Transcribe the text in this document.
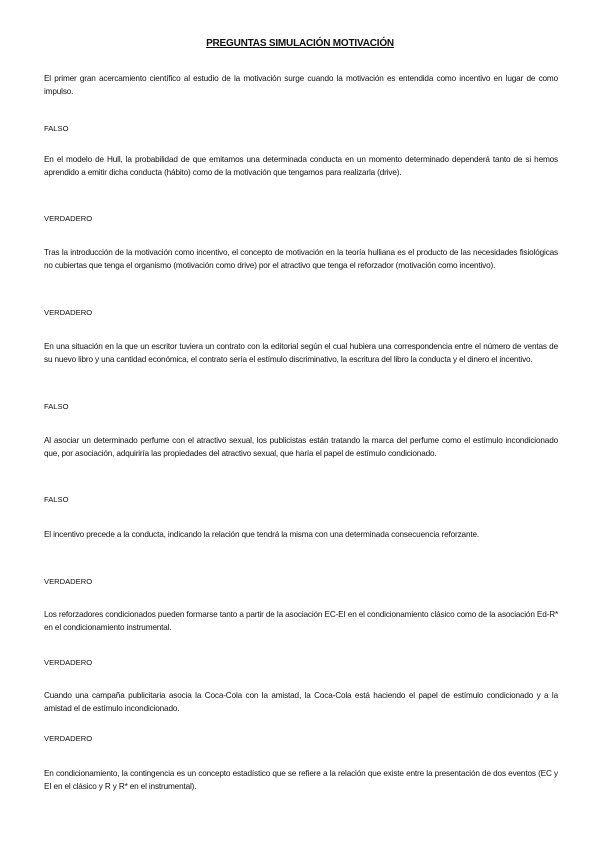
PREGUNTAS SIMULACIÓN MOTIVACIÓN
El primer gran acercamiento científico al estudio de la motivación surge cuando la motivación es entendida como incentivo en lugar de como impulso.
FALSO
En el modelo de Hull, la probabilidad de que emitamos una determinada conducta en un momento determinado dependerá tanto de si hemos aprendido a emitir dicha conducta (hábito) como de la motivación que tengamos para realizarla (drive).
VERDADERO
Tras la introducción de la motivación como incentivo, el concepto de motivación en la teoría hulliana es el producto de las necesidades fisiológicas no cubiertas que tenga el organismo (motivación como drive) por el atractivo que tenga el reforzador (motivación como incentivo).
VERDADERO
En una situación en la que un escritor tuviera un contrato con la editorial según el cual hubiera una correspondencia entre el número de ventas de su nuevo libro y una cantidad económica, el contrato sería el estímulo discriminativo, la escritura del libro la conducta y el dinero el incentivo.
FALSO
Al asociar un determinado perfume con el atractivo sexual, los publicistas están tratando la marca del perfume como el estímulo incondicionado que, por asociación, adquiriría las propiedades del atractivo sexual, que haría el papel de estímulo condicionado.
FALSO
El incentivo precede a la conducta, indicando la relación que tendrá la misma con una determinada consecuencia reforzante.
VERDADERO
Los reforzadores condicionados pueden formarse tanto a partir de la asociación EC-EI en el condicionamiento clásico como de la asociación Ed-R* en el condicionamiento instrumental.
VERDADERO
Cuando una campaña publicitaria asocia la Coca-Cola con la amistad, la Coca-Cola está haciendo el papel de estímulo condicionado y a la amistad el de estímulo incondicionado.
VERDADERO
En condicionamiento, la contingencia es un concepto estadístico que se refiere a la relación que existe entre la presentación de dos eventos (EC y EI en el clásico y R y R* en el instrumental).
